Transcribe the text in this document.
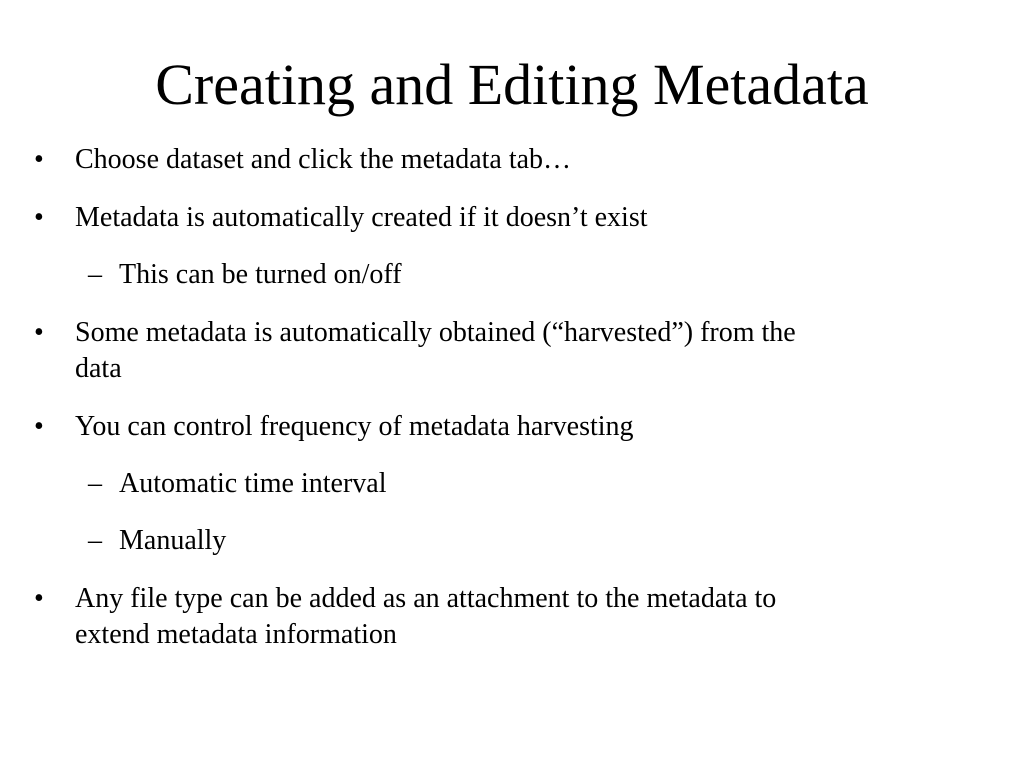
Creating and Editing Metadata
• Choose dataset and click the metadata tab…
• Metadata is automatically created if it doesn’t exist
– This can be turned on/off
• Some metadata is automatically obtained (“harvested”) from the
data
• You can control frequency of metadata harvesting
– Automatic time interval
– Manually
• Any file type can be added as an attachment to the metadata to
extend metadata information
